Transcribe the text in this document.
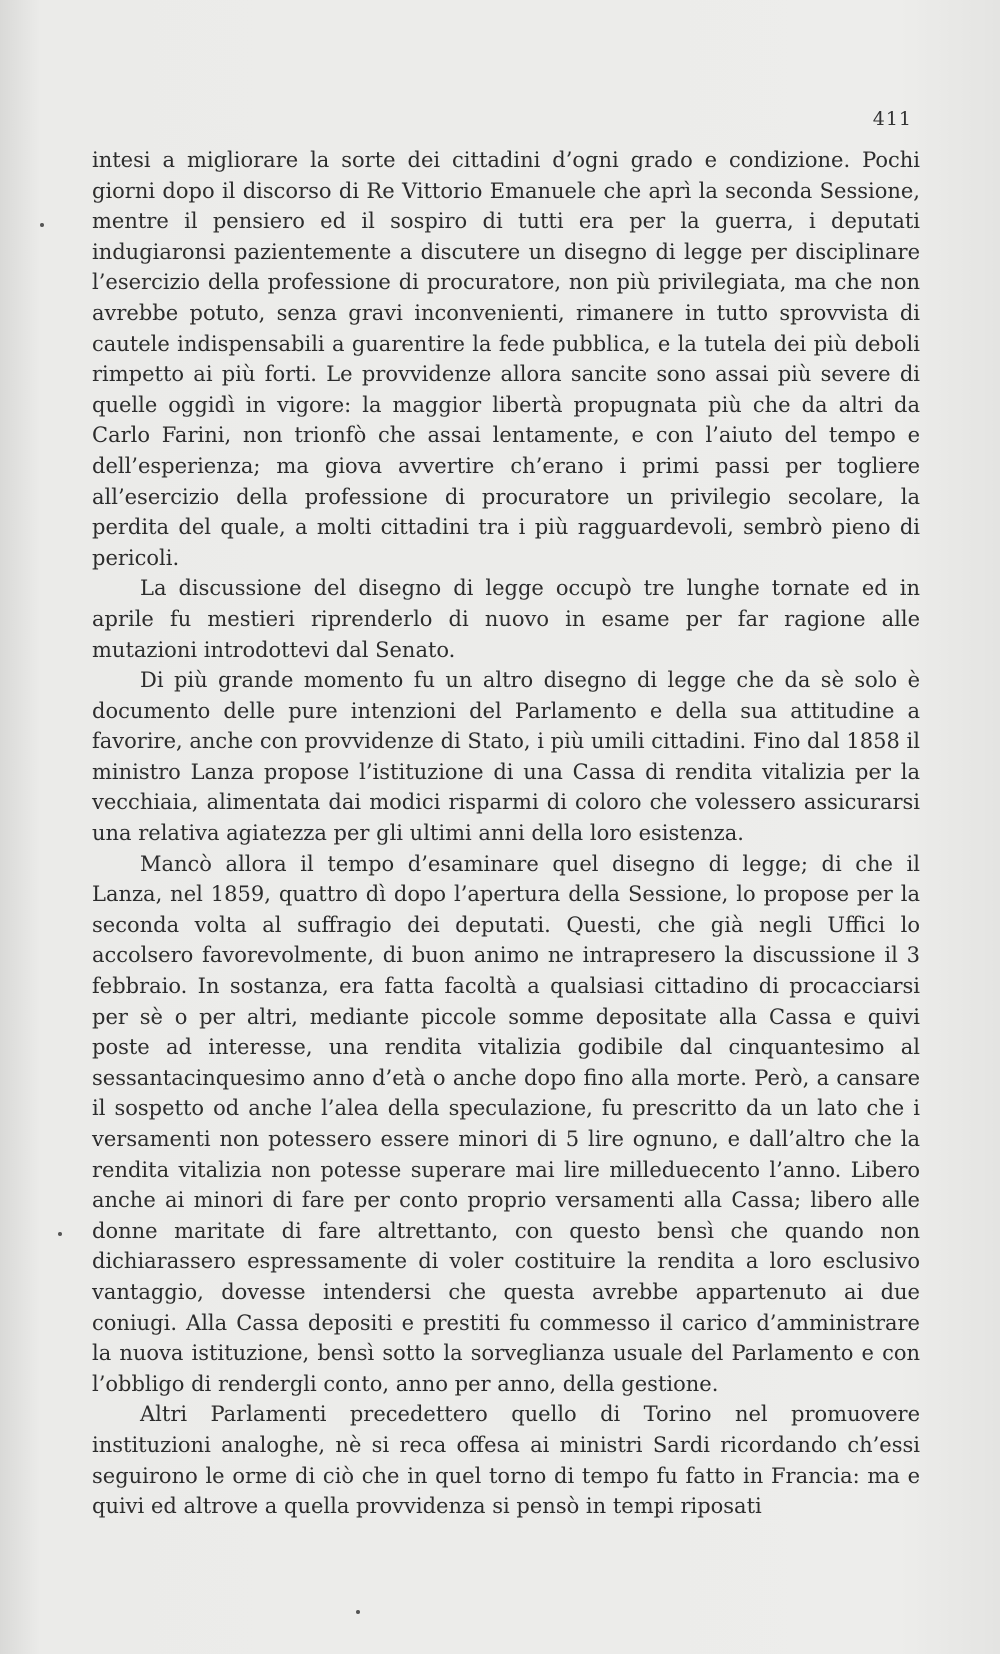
411

intesi a migliorare la sorte dei cittadini d’ogni grado e condizione. Pochi giorni dopo il discorso di Re Vittorio Emanuele che aprì la seconda Sessione, mentre il pensiero ed il sospiro di tutti era per la guerra, i deputati indugiaronsi pazientemente a discutere un disegno di legge per disciplinare l’esercizio della professione di procuratore, non più privilegiata, ma che non avrebbe potuto, senza gravi inconvenienti, rimanere in tutto sprovvista di cautele indispensabili a guarentire la fede pubblica, e la tutela dei più deboli rimpetto ai più forti. Le provvidenze allora sancite sono assai più severe di quelle oggidì in vigore: la maggior libertà propugnata più che da altri da Carlo Farini, non trionfò che assai lentamente, e con l’aiuto del tempo e dell’esperienza; ma giova avvertire ch’erano i primi passi per togliere all’esercizio della professione di procuratore un privilegio secolare, la perdita del quale, a molti cittadini tra i più ragguardevoli, sembrò pieno di pericoli.

La discussione del disegno di legge occupò tre lunghe tornate ed in aprile fu mestieri riprenderlo di nuovo in esame per far ragione alle mutazioni introdottevi dal Senato.

Di più grande momento fu un altro disegno di legge che da sè solo è documento delle pure intenzioni del Parlamento e della sua attitudine a favorire, anche con provvidenze di Stato, i più umili cittadini. Fino dal 1858 il ministro Lanza propose l’istituzione di una Cassa di rendita vitalizia per la vecchiaia, alimentata dai modici risparmi di coloro che volessero assicurarsi una relativa agiatezza per gli ultimi anni della loro esistenza.

Mancò allora il tempo d’esaminare quel disegno di legge; di che il Lanza, nel 1859, quattro dì dopo l’apertura della Sessione, lo propose per la seconda volta al suffragio dei deputati. Questi, che già negli Uffici lo accolsero favorevolmente, di buon animo ne intrapresero la discussione il 3 febbraio. In sostanza, era fatta facoltà a qualsiasi cittadino di procacciarsi per sè o per altri, mediante piccole somme depositate alla Cassa e quivi poste ad interesse, una rendita vitalizia godibile dal cinquantesimo al sessantacinquesimo anno d’età o anche dopo fino alla morte. Però, a cansare il sospetto od anche l’alea della speculazione, fu prescritto da un lato che i versamenti non potessero essere minori di 5 lire ognuno, e dall’altro che la rendita vitalizia non potesse superare mai lire milleduecento l’anno. Libero anche ai minori di fare per conto proprio versamenti alla Cassa; libero alle donne maritate di fare altrettanto, con questo bensì che quando non dichiarassero espressamente di voler costituire la rendita a loro esclusivo vantaggio, dovesse intendersi che questa avrebbe appartenuto ai due coniugi. Alla Cassa depositi e prestiti fu commesso il carico d’amministrare la nuova istituzione, bensì sotto la sorveglianza usuale del Parlamento e con l’obbligo di rendergli conto, anno per anno, della gestione.

Altri Parlamenti precedettero quello di Torino nel promuovere instituzioni analoghe, nè si reca offesa ai ministri Sardi ricordando ch’essi seguirono le orme di ciò che in quel torno di tempo fu fatto in Francia: ma e quivi ed altrove a quella provvidenza si pensò in tempi riposati
